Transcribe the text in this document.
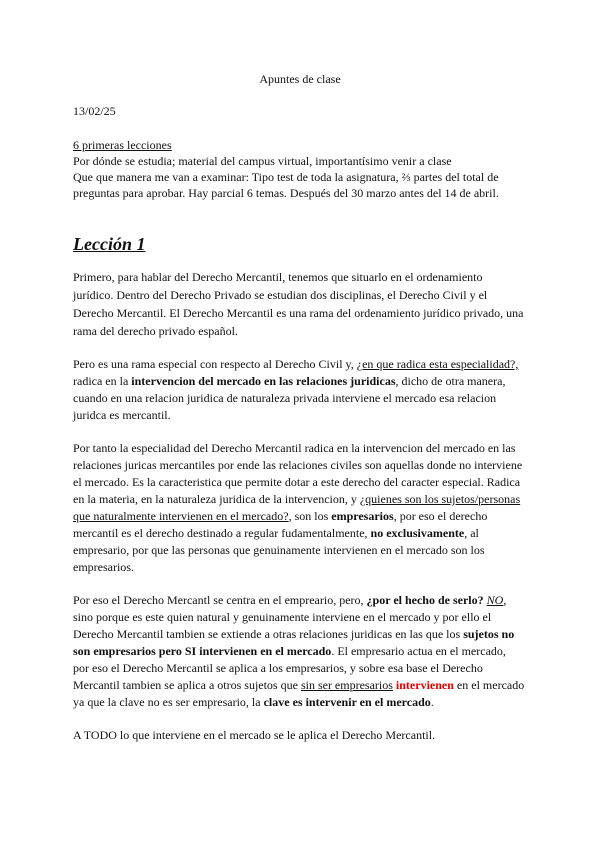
Apuntes de clase
13/02/25
6 primeras lecciones
Por dónde se estudia; material del campus virtual, importantísimo venir a clase
Que que manera me van a examinar: Tipo test de toda la asignatura, ⅔ partes del total de
preguntas para aprobar. Hay parcial 6 temas. Después del 30 marzo antes del 14 de abril.
Lección 1
Primero, para hablar del Derecho Mercantil, tenemos que situarlo en el ordenamiento
jurídico. Dentro del Derecho Privado se estudian dos disciplinas, el Derecho Civil y el
Derecho Mercantil. El Derecho Mercantil es una rama del ordenamiento jurídico privado, una
rama del derecho privado español.
Pero es una rama especial con respecto al Derecho Civil y, ¿en que radica esta especialidad?,
radica en la intervencion del mercado en las relaciones juridicas, dicho de otra manera,
cuando en una relacion juridica de naturaleza privada interviene el mercado esa relacion
juridca es mercantil.
Por tanto la especialidad del Derecho Mercantil radica en la intervencion del mercado en las
relaciones juricas mercantiles por ende las relaciones civiles son aquellas donde no interviene
el mercado. Es la caracteristica que permite dotar a este derecho del caracter especial. Radica
en la materia, en la naturaleza juridica de la intervencion, y ¿quienes son los sujetos/personas
que naturalmente intervienen en el mercado?, son los empresarios, por eso el derecho
mercantil es el derecho destinado a regular fudamentalmente, no exclusivamente, al
empresario, por que las personas que genuinamente intervienen en el mercado son los
empresarios.
Por eso el Derecho Mercantl se centra en el empreario, pero, ¿por el hecho de serlo? NO,
sino porque es este quien natural y genuinamente interviene en el mercado y por ello el
Derecho Mercantil tambien se extiende a otras relaciones juridicas en las que los sujetos no
son empresarios pero SI intervienen en el mercado. El empresario actua en el mercado,
por eso el Derecho Mercantil se aplica a los empresarios, y sobre esa base el Derecho
Mercantil tambien se aplica a otros sujetos que sin ser empresarios intervienen en el mercado
ya que la clave no es ser empresario, la clave es intervenir en el mercado.
A TODO lo que interviene en el mercado se le aplica el Derecho Mercantil.
